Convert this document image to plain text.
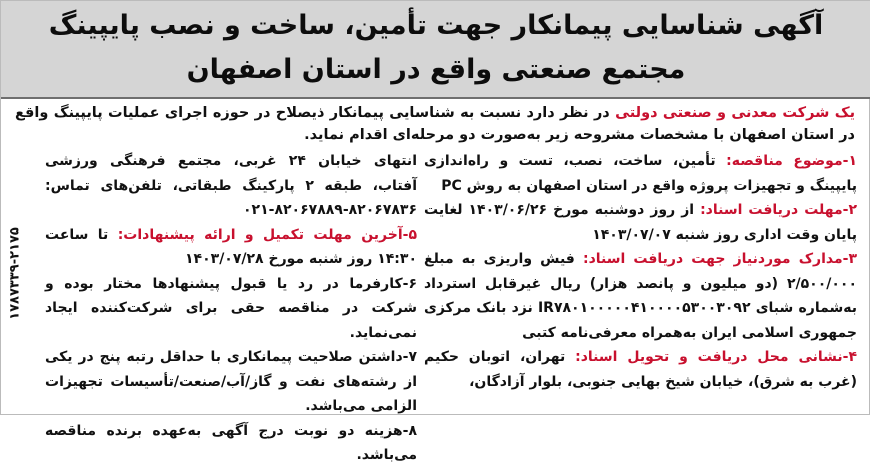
آگهی شناسایی پیمانکار جهت تأمین، ساخت و نصب پایپینگ
مجتمع صنعتی واقع در استان اصفهان
یک شرکت معدنی و صنعتی دولتی در نظر دارد نسبت به شناسایی پیمانکار ذیصلاح در حوزه اجرای عملیات پایپینگ واقع در استان اصفهان با مشخصات مشروحه زیر به‌صورت دو مرحله‌ای اقدام نماید.

۱-موضوع مناقصه: تأمین، ساخت، نصب، تست و راه‌اندازی پایپینگ و تجهیزات پروژه واقع در استان اصفهان به روش PC

۲-مهلت دریافت اسناد: از روز دوشنبه مورخ ۱۴۰۳/۰۶/۲۶ لغایت پایان وقت اداری روز شنبه ۱۴۰۳/۰۷/۰۷

۳-مدارک موردنیاز جهت دریافت اسناد: فیش واریزی به مبلغ ۲/۵۰۰/۰۰۰ (دو میلیون و پانصد هزار) ریال غیرقابل استرداد به‌شماره شبای IR۷۸۰۱۰۰۰۰۰۴۱۰۰۰۰۵۳۰۰۳۰۹۲ نزد بانک مرکزی جمهوری اسلامی ایران به‌همراه معرفی‌نامه کتبی

۴-نشانی محل دریافت و تحویل اسناد: تهران، اتوبان حکیم (غرب به شرق)، خیابان شیخ بهایی جنوبی، بلوار آزادگان،

انتهای خیابان ۲۴ غربی، مجتمع فرهنگی ورزشی آفتاب، طبقه ۲ پارکینگ طبقاتی، تلفن‌های تماس: ۸۲۰۶۷۸۳۶-۸۲۰۶۷۸۸۹-۰۲۱

۵-آخرین مهلت تکمیل و ارائه پیشنهادات: تا ساعت ۱۴:۳۰ روز شنبه مورخ ۱۴۰۳/۰۷/۲۸

۶-کارفرما در رد یا قبول پیشنهادها مختار بوده و شرکت در مناقصه حقی برای شرکت‌کننده ایجاد نمی‌نماید.

۷-داشتن صلاحیت پیمانکاری با حداقل رتبه پنج در یکی از رشته‌های نفت و گاز/آب/صنعت/تأسیسات تجهیزات الزامی می‌باشد.

۸-هزینه دو نوبت درج آگهی به‌عهده برنده مناقصه می‌باشد.

۱۷۸۷۳۳۹-۲۱۷۵
